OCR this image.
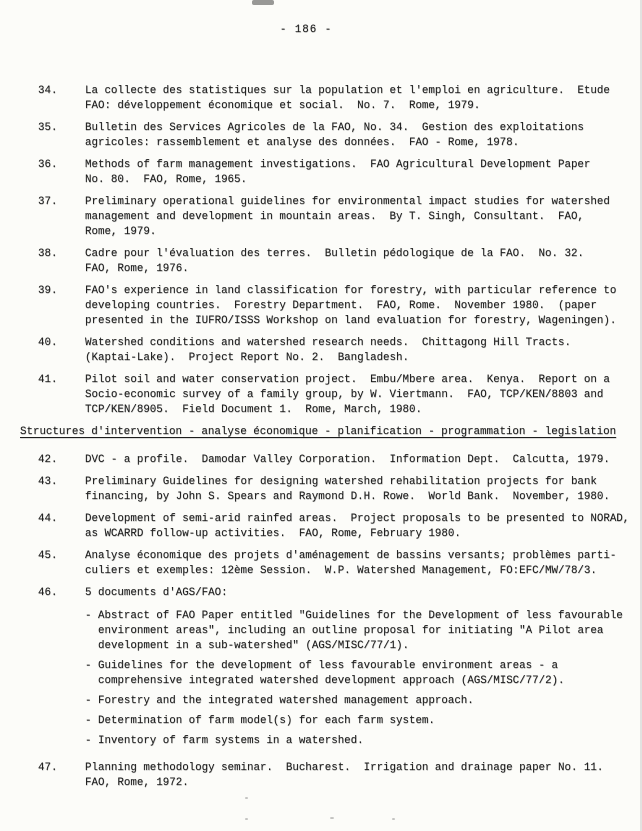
- 186 -
34.	La collecte des statistiques sur la population et l'emploi en agriculture.  Etude
FAO: développement économique et social.  No. 7.  Rome, 1979.
35.	Bulletin des Services Agricoles de la FAO, No. 34.  Gestion des exploitations
agricoles: rassemblement et analyse des données.  FAO - Rome, 1978.
36.	Methods of farm management investigations.  FAO Agricultural Development Paper
No. 80.  FAO, Rome, 1965.
37.	Preliminary operational guidelines for environmental impact studies for watershed
management and development in mountain areas.  By T. Singh, Consultant.  FAO,
Rome, 1979.
38.	Cadre pour l'évaluation des terres.  Bulletin pédologique de la FAO.  No. 32.
FAO, Rome, 1976.
39.	FAO's experience in land classification for forestry, with particular reference to
developing countries.  Forestry Department.  FAO, Rome.  November 1980.  (paper
presented in the IUFRO/ISSS Workshop on land evaluation for forestry, Wageningen).
40.	Watershed conditions and watershed research needs.  Chittagong Hill Tracts.
(Kaptai-Lake).  Project Report No. 2.  Bangladesh.
41.	Pilot soil and water conservation project.  Embu/Mbere area.  Kenya.  Report on a
Socio-economic survey of a family group, by W. Viertmann.  FAO, TCP/KEN/8803 and
TCP/KEN/8905.  Field Document 1.  Rome, March, 1980.
Structures d'intervention - analyse économique - planification - programmation - legislation
42.	DVC - a profile.  Damodar Valley Corporation.  Information Dept.  Calcutta, 1979.
43.	Preliminary Guidelines for designing watershed rehabilitation projects for bank
financing, by John S. Spears and Raymond D.H. Rowe.  World Bank.  November, 1980.
44.	Development of semi-arid rainfed areas.  Project proposals to be presented to NORAD,
as WCARRD follow-up activities.  FAO, Rome, February 1980.
45.	Analyse économique des projets d'aménagement de bassins versants; problèmes parti-
culiers et exemples: 12ème Session.  W.P. Watershed Management, FO:EFC/MW/78/3.
46.	5 documents d'AGS/FAO:
- Abstract of FAO Paper entitled "Guidelines for the Development of less favourable
environment areas", including an outline proposal for initiating "A Pilot area
development in a sub-watershed" (AGS/MISC/77/1).
- Guidelines for the development of less favourable environment areas - a
comprehensive integrated watershed development approach (AGS/MISC/77/2).
- Forestry and the integrated watershed management approach.
- Determination of farm model(s) for each farm system.
- Inventory of farm systems in a watershed.
47.	Planning methodology seminar.  Bucharest.  Irrigation and drainage paper No. 11.
FAO, Rome, 1972.
